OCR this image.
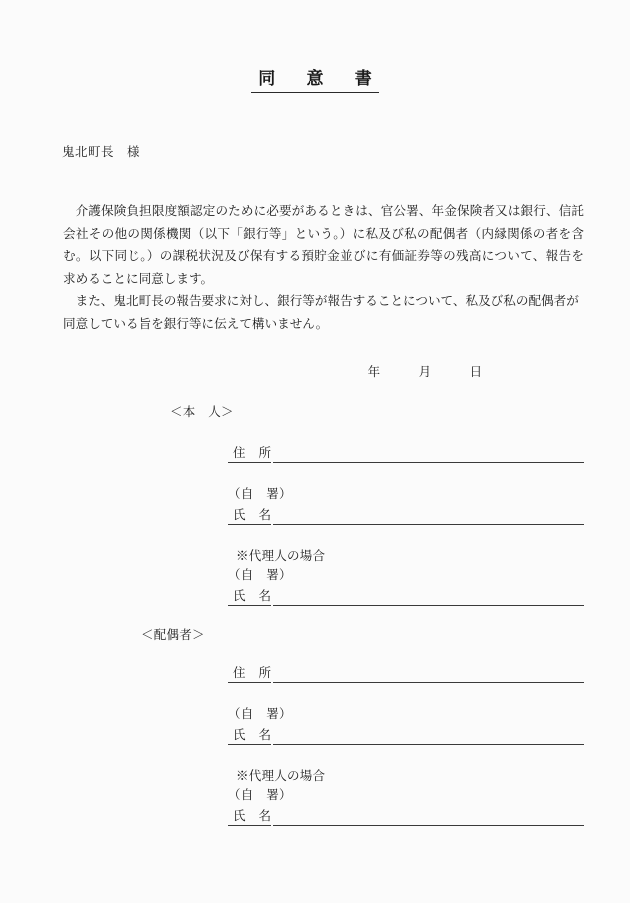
同　意　書
鬼北町長　様

介護保険負担限度額認定のために必要があるときは、官公署、年金保険者又は銀行、信託会社その他の関係機関（以下「銀行等」という。）に私及び私の配偶者（内縁関係の者を含む。以下同じ。）の課税状況及び保有する預貯金並びに有価証券等の残高について、報告を求めることに同意します。

また、鬼北町長の報告要求に対し、銀行等が報告することについて、私及び私の配偶者が同意している旨を銀行等に伝えて構いません。

年　　　月　　　日
＜本　人＞
住　所
（自　署）
氏　名
※代理人の場合
（自　署）
氏　名
＜配偶者＞
住　所
（自　署）
氏　名
※代理人の場合
（自　署）
氏　名
